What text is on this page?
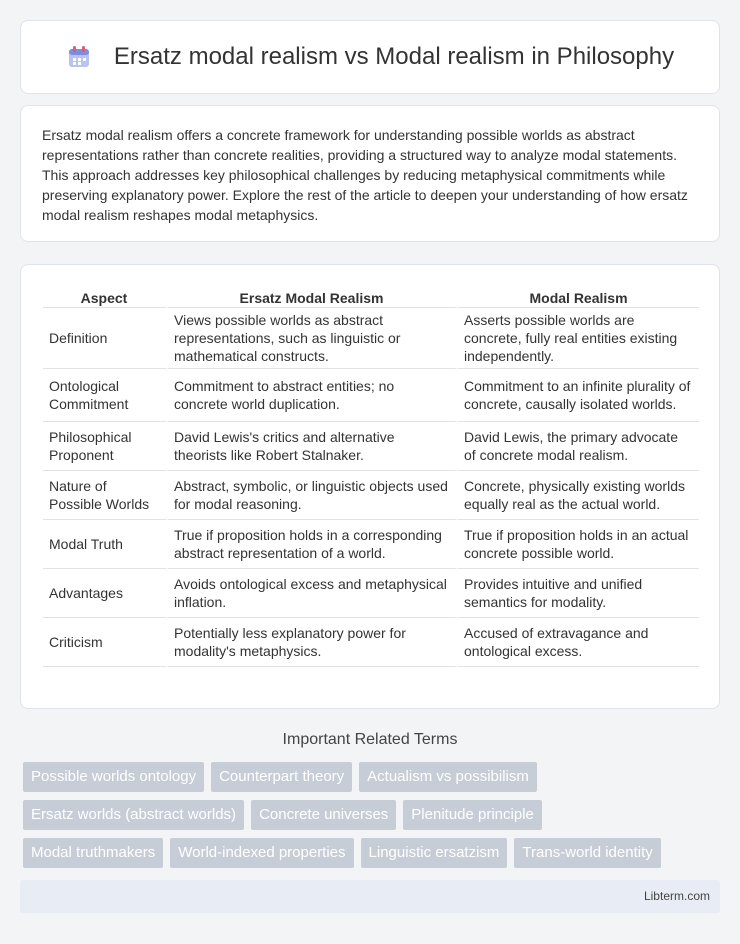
Ersatz modal realism vs Modal realism in Philosophy

Ersatz modal realism offers a concrete framework for understanding possible worlds as abstract representations rather than concrete realities, providing a structured way to analyze modal statements. This approach addresses key philosophical challenges by reducing metaphysical commitments while preserving explanatory power. Explore the rest of the article to deepen your understanding of how ersatz modal realism reshapes modal metaphysics.

Aspect	Ersatz Modal Realism	Modal Realism
Definition	Views possible worlds as abstract representations, such as linguistic or mathematical constructs.	Asserts possible worlds are concrete, fully real entities existing independently.
Ontological Commitment	Commitment to abstract entities; no concrete world duplication.	Commitment to an infinite plurality of concrete, causally isolated worlds.
Philosophical Proponent	David Lewis's critics and alternative theorists like Robert Stalnaker.	David Lewis, the primary advocate of concrete modal realism.
Nature of Possible Worlds	Abstract, symbolic, or linguistic objects used for modal reasoning.	Concrete, physically existing worlds equally real as the actual world.
Modal Truth	True if proposition holds in a corresponding abstract representation of a world.	True if proposition holds in an actual concrete possible world.
Advantages	Avoids ontological excess and metaphysical inflation.	Provides intuitive and unified semantics for modality.
Criticism	Potentially less explanatory power for modality's metaphysics.	Accused of extravagance and ontological excess.
Important Related Terms
Possible worlds ontology	Counterpart theory	Actualism vs possibilism
Ersatz worlds (abstract worlds)	Concrete universes	Plenitude principle
Modal truthmakers	World-indexed properties	Linguistic ersatzism	Trans-world identity
Libterm.com
